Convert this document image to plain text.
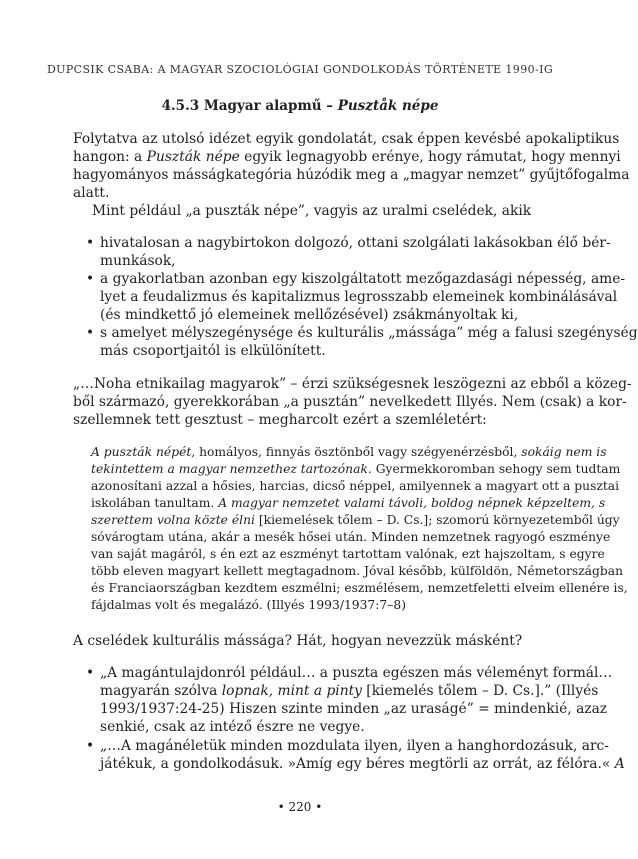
DUPCSIK CSABA: A MAGYAR SZOCIOLÓGIAI GONDOLKODÁS TÖRTÉNETE 1990-IG
4.5.3 Magyar alapmű – Pusztåk népe
Folytatva az utolsó idézet egyik gondolatát, csak éppen kevésbé apokaliptikus
hangon: a Puszták népe egyik legnagyobb erénye, hogy rámutat, hogy mennyi
hagyományos másságkategória húzódik meg a „magyar nemzet” gyűjtőfogalma
alatt.
Mint például „a puszták népe”, vagyis az uralmi cselédek, akik
• hivatalosan a nagybirtokon dolgozó, ottani szolgálati lakásokban élő bér-
munkások,
• a gyakorlatban azonban egy kiszolgáltatott mezőgazdasági népesség, ame-
lyet a feudalizmus és kapitalizmus legrosszabb elemeinek kombinálásával
(és mindkettő jó elemeinek mellőzésével) zsákmányoltak ki,
• s amelyet mélyszegénysége és kulturális „mássága” még a falusi szegénység
más csoportjaitól is elkülönített.
„…Noha etnikailag magyarok” – érzi szükségesnek leszögezni az ebből a közeg-
ből származó, gyerekkorában „a pusztán” nevelkedett Illyés. Nem (csak) a kor-
szellemnek tett gesztust – megharcolt ezért a szemléletért:
A puszták népét, homályos, finnyás ösztönből vagy szégyenérzésből, sokáig nem is
tekintettem a magyar nemzethez tartozónak. Gyermekkoromban sehogy sem tudtam
azonosítani azzal a hősies, harcias, dicső néppel, amilyennek a magyart ott a pusztai
iskolában tanultam. A magyar nemzetet valami távoli, boldog népnek képzeltem, s
szerettem volna közte élni [kiemelések tőlem – D. Cs.]; szomorú környezetemből úgy
sóvárogtam utána, akár a mesék hősei után. Minden nemzetnek ragyogó eszménye
van saját magáról, s én ezt az eszményt tartottam valónak, ezt hajszoltam, s egyre
több eleven magyart kellett megtagadnom. Jóval később, külföldön, Németországban
és Franciaországban kezdtem eszmélni; eszmélésem, nemzetfeletti elveim ellenére is,
fájdalmas volt és megalázó. (Illyés 1993/1937:7–8)
A cselédek kulturális mássága? Hát, hogyan nevezzük másként?
• „A magántulajdonról például… a puszta egészen más véleményt formál…
magyarán szólva lopnak, mint a pinty [kiemelés tőlem – D. Cs.].” (Illyés
1993/1937:24-25) Hiszen szinte minden „az uraságé” = mindenkié, azaz
senkié, csak az intéző észre ne vegye.
• „…A magánéletük minden mozdulata ilyen, ilyen a hanghordozásuk, arc-
játékuk, a gondolkodásuk. »Amíg egy béres megtörli az orrát, az félóra.« A
• 220 •
